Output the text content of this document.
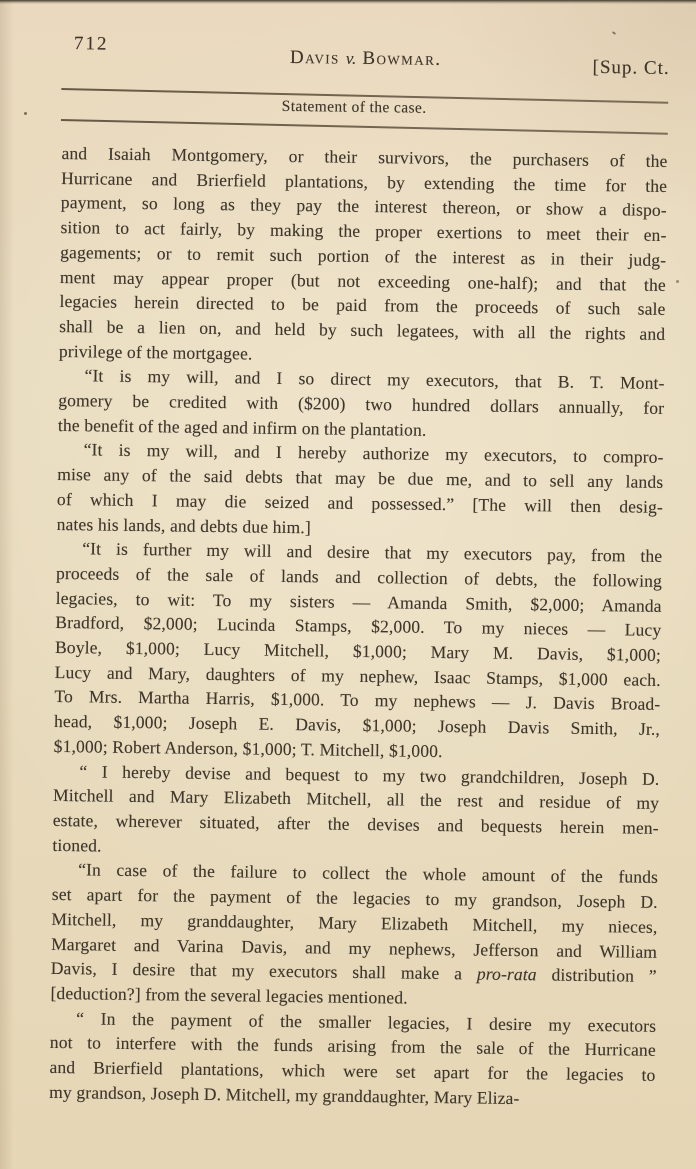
712
Davis v. Bowmar.	[Sup. Ct.
Statement of the case.
and Isaiah Montgomery, or their survivors, the purchasers of the
Hurricane and Brierfield plantations, by extending the time for the
payment, so long as they pay the interest thereon, or show a dispo-
sition to act fairly, by making the proper exertions to meet their en-
gagements; or to remit such portion of the interest as in their judg-
ment may appear proper (but not exceeding one-half); and that the
legacies herein directed to be paid from the proceeds of such sale
shall be a lien on, and held by such legatees, with all the rights and
privilege of the mortgagee.
“It is my will, and I so direct my executors, that B. T. Mont-
gomery be credited with ($200) two hundred dollars annually, for
the benefit of the aged and infirm on the plantation.
“It is my will, and I hereby authorize my executors, to compro-
mise any of the said debts that may be due me, and to sell any lands
of which I may die seized and possessed.” [The will then desig-
nates his lands, and debts due him.]
“It is further my will and desire that my executors pay, from the
proceeds of the sale of lands and collection of debts, the following
legacies, to wit: To my sisters — Amanda Smith, $2,000; Amanda
Bradford, $2,000; Lucinda Stamps, $2,000. To my nieces — Lucy
Boyle, $1,000; Lucy Mitchell, $1,000; Mary M. Davis, $1,000;
Lucy and Mary, daughters of my nephew, Isaac Stamps, $1,000 each.
To Mrs. Martha Harris, $1,000. To my nephews — J. Davis Broad-
head, $1,000; Joseph E. Davis, $1,000; Joseph Davis Smith, Jr.,
$1,000; Robert Anderson, $1,000; T. Mitchell, $1,000.
“ I hereby devise and bequest to my two grandchildren, Joseph D.
Mitchell and Mary Elizabeth Mitchell, all the rest and residue of my
estate, wherever situated, after the devises and bequests herein men-
tioned.
“In case of the failure to collect the whole amount of the funds
set apart for the payment of the legacies to my grandson, Joseph D.
Mitchell, my granddaughter, Mary Elizabeth Mitchell, my nieces,
Margaret and Varina Davis, and my nephews, Jefferson and William
Davis, I desire that my executors shall make a pro-rata distribution ”
[deduction?] from the several legacies mentioned.
“ In the payment of the smaller legacies, I desire my executors
not to interfere with the funds arising from the sale of the Hurricane
and Brierfield plantations, which were set apart for the legacies to
my grandson, Joseph D. Mitchell, my granddaughter, Mary Eliza-
